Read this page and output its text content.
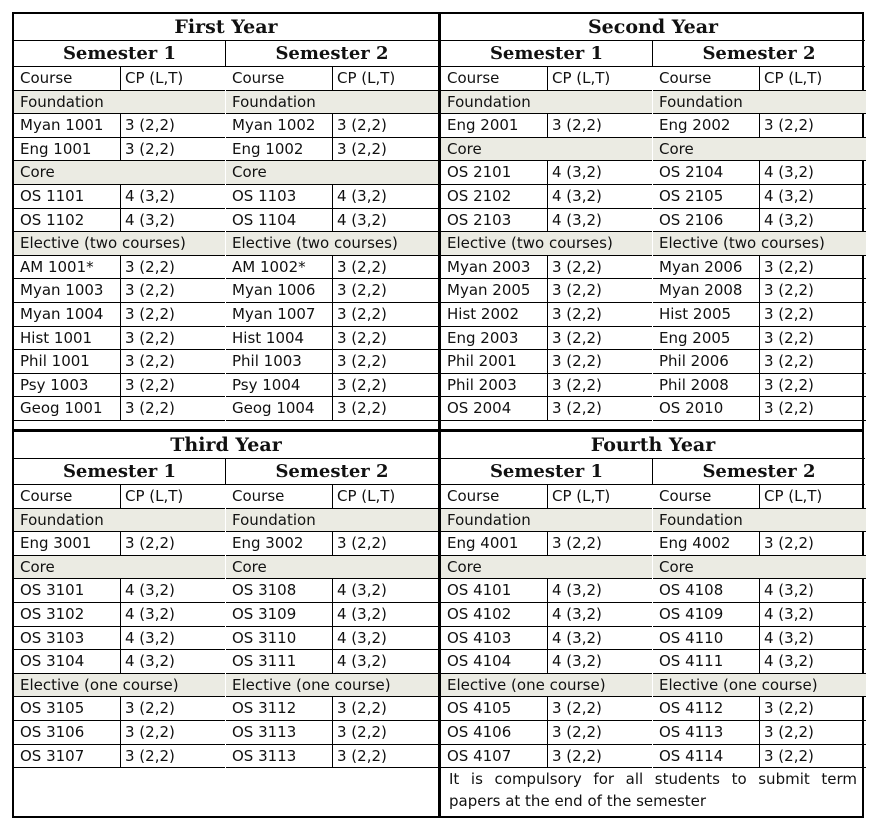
First Year
Semester 1
Course	CP (L,T)
Foundation
Myan 1001	3 (2,2)
Eng 1001	3 (2,2)
Core
OS 1101	4 (3,2)
OS 1102	4 (3,2)
Elective (two courses)
AM 1001*	3 (2,2)
Myan 1003	3 (2,2)
Myan 1004	3 (2,2)
Hist 1001	3 (2,2)
Phil 1001	3 (2,2)
Psy 1003	3 (2,2)
Geog 1001	3 (2,2)
Semester 2
Course	CP (L,T)
Foundation
Myan 1002	3 (2,2)
Eng 1002	3 (2,2)
Core
OS 1103	4 (3,2)
OS 1104	4 (3,2)
Elective (two courses)
AM 1002*	3 (2,2)
Myan 1006	3 (2,2)
Myan 1007	3 (2,2)
Hist 1004	3 (2,2)
Phil 1003	3 (2,2)
Psy 1004	3 (2,2)
Geog 1004	3 (2,2)
Second Year
Semester 1
Course	CP (L,T)
Foundation
Eng 2001	3 (2,2)
Core
OS 2101	4 (3,2)
OS 2102	4 (3,2)
OS 2103	4 (3,2)
Elective (two courses)
Myan 2003	3 (2,2)
Myan 2005	3 (2,2)
Hist 2002	3 (2,2)
Eng 2003	3 (2,2)
Phil 2001	3 (2,2)
Phil 2003	3 (2,2)
OS 2004	3 (2,2)
Semester 2
Course	CP (L,T)
Foundation
Eng 2002	3 (2,2)
Core
OS 2104	4 (3,2)
OS 2105	4 (3,2)
OS 2106	4 (3,2)
Elective (two courses)
Myan 2006	3 (2,2)
Myan 2008	3 (2,2)
Hist 2005	3 (2,2)
Eng 2005	3 (2,2)
Phil 2006	3 (2,2)
Phil 2008	3 (2,2)
OS 2010	3 (2,2)
Third Year
Semester 1
Course	CP (L,T)
Foundation
Eng 3001	3 (2,2)
Core
OS 3101	4 (3,2)
OS 3102	4 (3,2)
OS 3103	4 (3,2)
OS 3104	4 (3,2)
Elective (one course)
OS 3105	3 (2,2)
OS 3106	3 (2,2)
OS 3107	3 (2,2)
Semester 2
Course	CP (L,T)
Foundation
Eng 3002	3 (2,2)
Core
OS 3108	4 (3,2)
OS 3109	4 (3,2)
OS 3110	4 (3,2)
OS 3111	4 (3,2)
Elective (one course)
OS 3112	3 (2,2)
OS 3113	3 (2,2)
OS 3113	3 (2,2)
Fourth Year
Semester 1
Course	CP (L,T)
Foundation
Eng 4001	3 (2,2)
Core
OS 4101	4 (3,2)
OS 4102	4 (3,2)
OS 4103	4 (3,2)
OS 4104	4 (3,2)
Elective (one course)
OS 4105	3 (2,2)
OS 4106	3 (2,2)
OS 4107	3 (2,2)
Semester 2
Course	CP (L,T)
Foundation
Eng 4002	3 (2,2)
Core
OS 4108	4 (3,2)
OS 4109	4 (3,2)
OS 4110	4 (3,2)
OS 4111	4 (3,2)
Elective (one course)
OS 4112	3 (2,2)
OS 4113	3 (2,2)
OS 4114	3 (2,2)
It is compulsory for all students to submit term papers at the end of the semester
